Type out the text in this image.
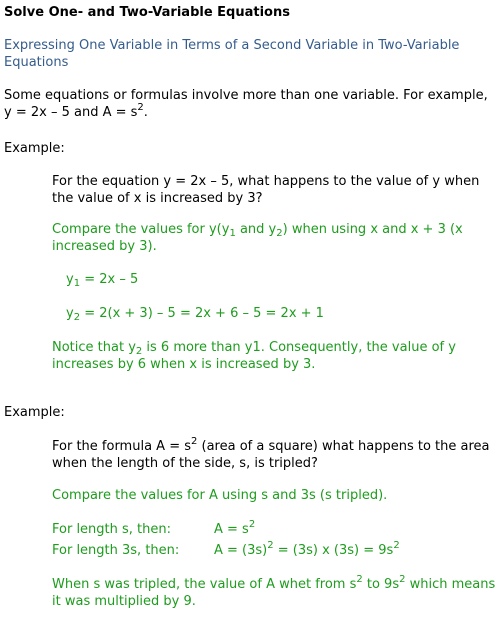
Solve One- and Two-Variable Equations
Expressing One Variable in Terms of a Second Variable in Two-Variable Equations
Some equations or formulas involve more than one variable. For example, y = 2x – 5 and $A = s^2$.
Example:
For the equation y = 2x – 5, what happens to the value of y when the value of x is increased by 3?
Compare the values for $y(y_1$ and $y_2$) when using x and x + 3 (x increased by 3).
$y_1 = 2x - 5$
$y_2 = 2(x + 3) - 5 = 2x + 6 - 5 = 2x + 1$
Notice that $y_2$ is 6 more than y1. Consequently, the value of y increases by 6 when x is increased by 3.
Example:
For the formula $A = s^2$ (area of a square) what happens to the area when the length of the side, s, is tripled?
Compare the values for A using s and 3s (s tripled).
For length s, then:	$A = s^2$
For length 3s, then:	$A = (3s)^2 = (3s)$ x $(3s) = 9s^2$
When s was tripled, the value of A whet from $s^2$ to $9s^2$ which means it was multiplied by 9.
